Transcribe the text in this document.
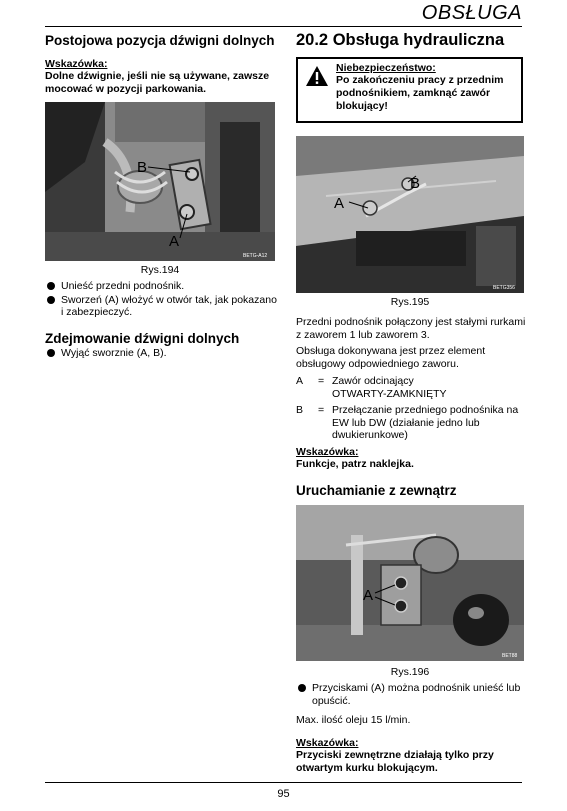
OBSŁUGA
Postojowa pozycja dźwigni dolnych
Wskazówka:
Dolne dźwignie, jeśli nie są używane, zawsze mocować w pozycji parkowania.
B
A
BETG-A12
Rys.194
Unieść przedni podnośnik.
Sworzeń (A) włożyć w otwór tak, jak pokazano i zabezpieczyć.
Zdejmowanie dźwigni dolnych
Wyjąć sworznie (A, B).
20.2 Obsługa hydrauliczna
Niebezpieczeństwo:
Po zakończeniu pracy z przednim podnośnikiem, zamknąć zawór blokujący!
A
B
BETG356
Rys.195
Przedni podnośnik połączony jest stałymi rurkami z zaworem 1 lub zaworem 3.
Obsługa dokonywana jest przez element obsługowy odpowiedniego zaworu.
A	= Zawór odcinający OTWARTY-ZAMKNIĘTY
B	= Przełączanie przedniego podnośnika na EW lub DW (działanie jedno lub dwukierunkowe)
Wskazówka:
Funkcje, patrz naklejka.
Uruchamianie z zewnątrz
A
BET88
Rys.196
Przyciskami (A) można podnośnik unieść lub opuścić.
Max. ilość oleju 15 l/min.
Wskazówka:
Przyciski zewnętrzne działają tylko przy otwartym kurku blokującym.
95
